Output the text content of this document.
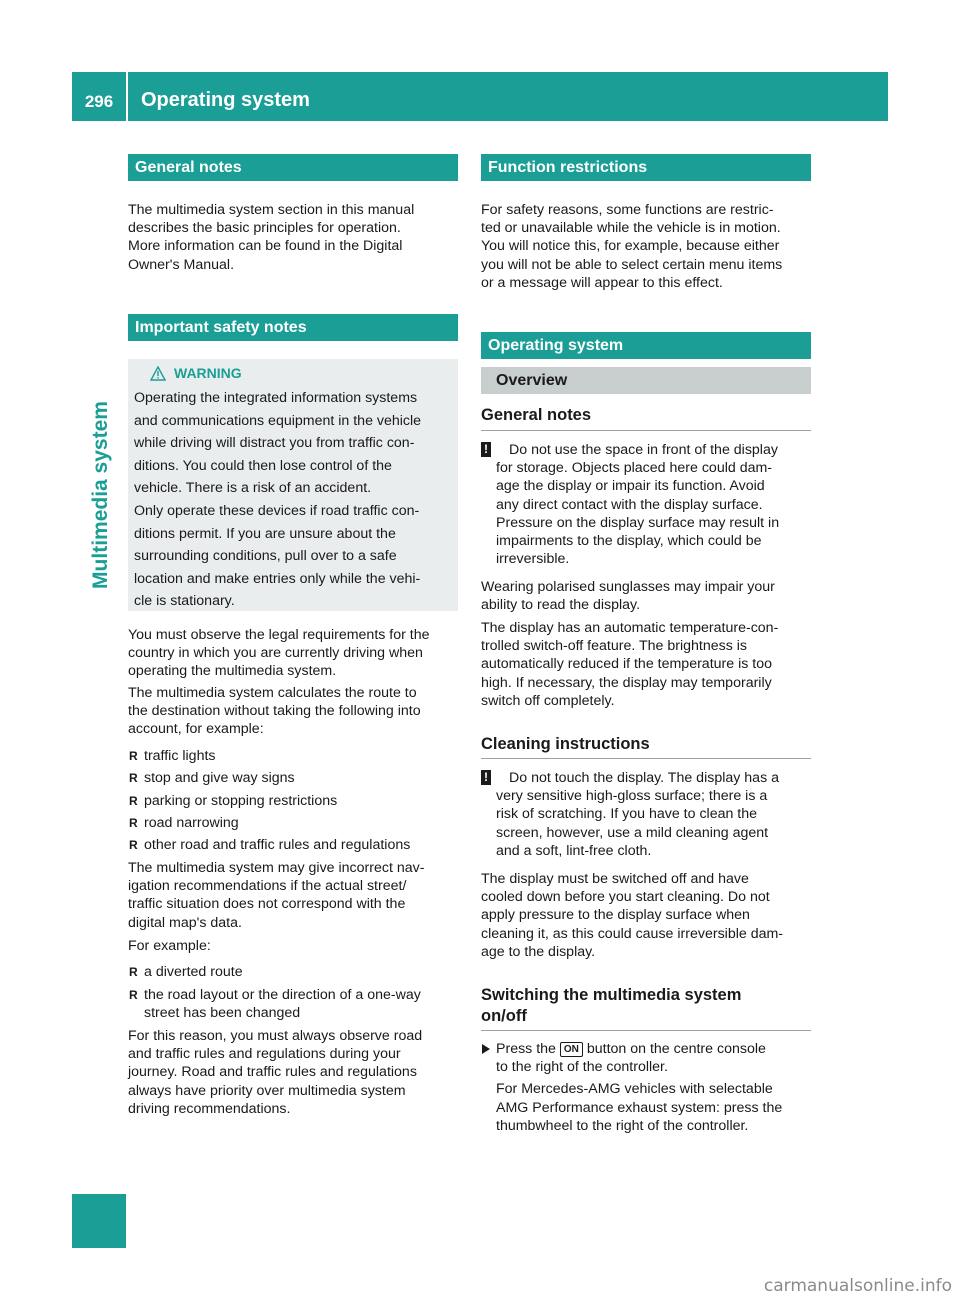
296	Operating system
Multimedia system
General notes
The multimedia system section in this manual
describes the basic principles for operation.
More information can be found in the Digital
Owner's Manual.
Important safety notes
WARNING
Operating the integrated information systems
and communications equipment in the vehicle
while driving will distract you from traffic con-
ditions. You could then lose control of the
vehicle. There is a risk of an accident.
Only operate these devices if road traffic con-
ditions permit. If you are unsure about the
surrounding conditions, pull over to a safe
location and make entries only while the vehi-
cle is stationary.
You must observe the legal requirements for the
country in which you are currently driving when
operating the multimedia system.
The multimedia system calculates the route to
the destination without taking the following into
account, for example:
R traffic lights
R stop and give way signs
R parking or stopping restrictions
R road narrowing
R other road and traffic rules and regulations
The multimedia system may give incorrect nav-
igation recommendations if the actual street/
traffic situation does not correspond with the
digital map's data.
For example:
R a diverted route
R the road layout or the direction of a one-way
street has been changed
For this reason, you must always observe road
and traffic rules and regulations during your
journey. Road and traffic rules and regulations
always have priority over multimedia system
driving recommendations.
Function restrictions
For safety reasons, some functions are restric-
ted or unavailable while the vehicle is in motion.
You will notice this, for example, because either
you will not be able to select certain menu items
or a message will appear to this effect.
Operating system
Overview
General notes
!	Do not use the space in front of the display
for storage. Objects placed here could dam-
age the display or impair its function. Avoid
any direct contact with the display surface.
Pressure on the display surface may result in
impairments to the display, which could be
irreversible.
Wearing polarised sunglasses may impair your
ability to read the display.
The display has an automatic temperature-con-
trolled switch-off feature. The brightness is
automatically reduced if the temperature is too
high. If necessary, the display may temporarily
switch off completely.
Cleaning instructions
!	Do not touch the display. The display has a
very sensitive high-gloss surface; there is a
risk of scratching. If you have to clean the
screen, however, use a mild cleaning agent
and a soft, lint-free cloth.
The display must be switched off and have
cooled down before you start cleaning. Do not
apply pressure to the display surface when
cleaning it, as this could cause irreversible dam-
age to the display.
Switching the multimedia system
on/off
Press the ON button on the centre console
to the right of the controller.
For Mercedes-AMG vehicles with selectable
AMG Performance exhaust system: press the
thumbwheel to the right of the controller.
carmanualsonline.info
